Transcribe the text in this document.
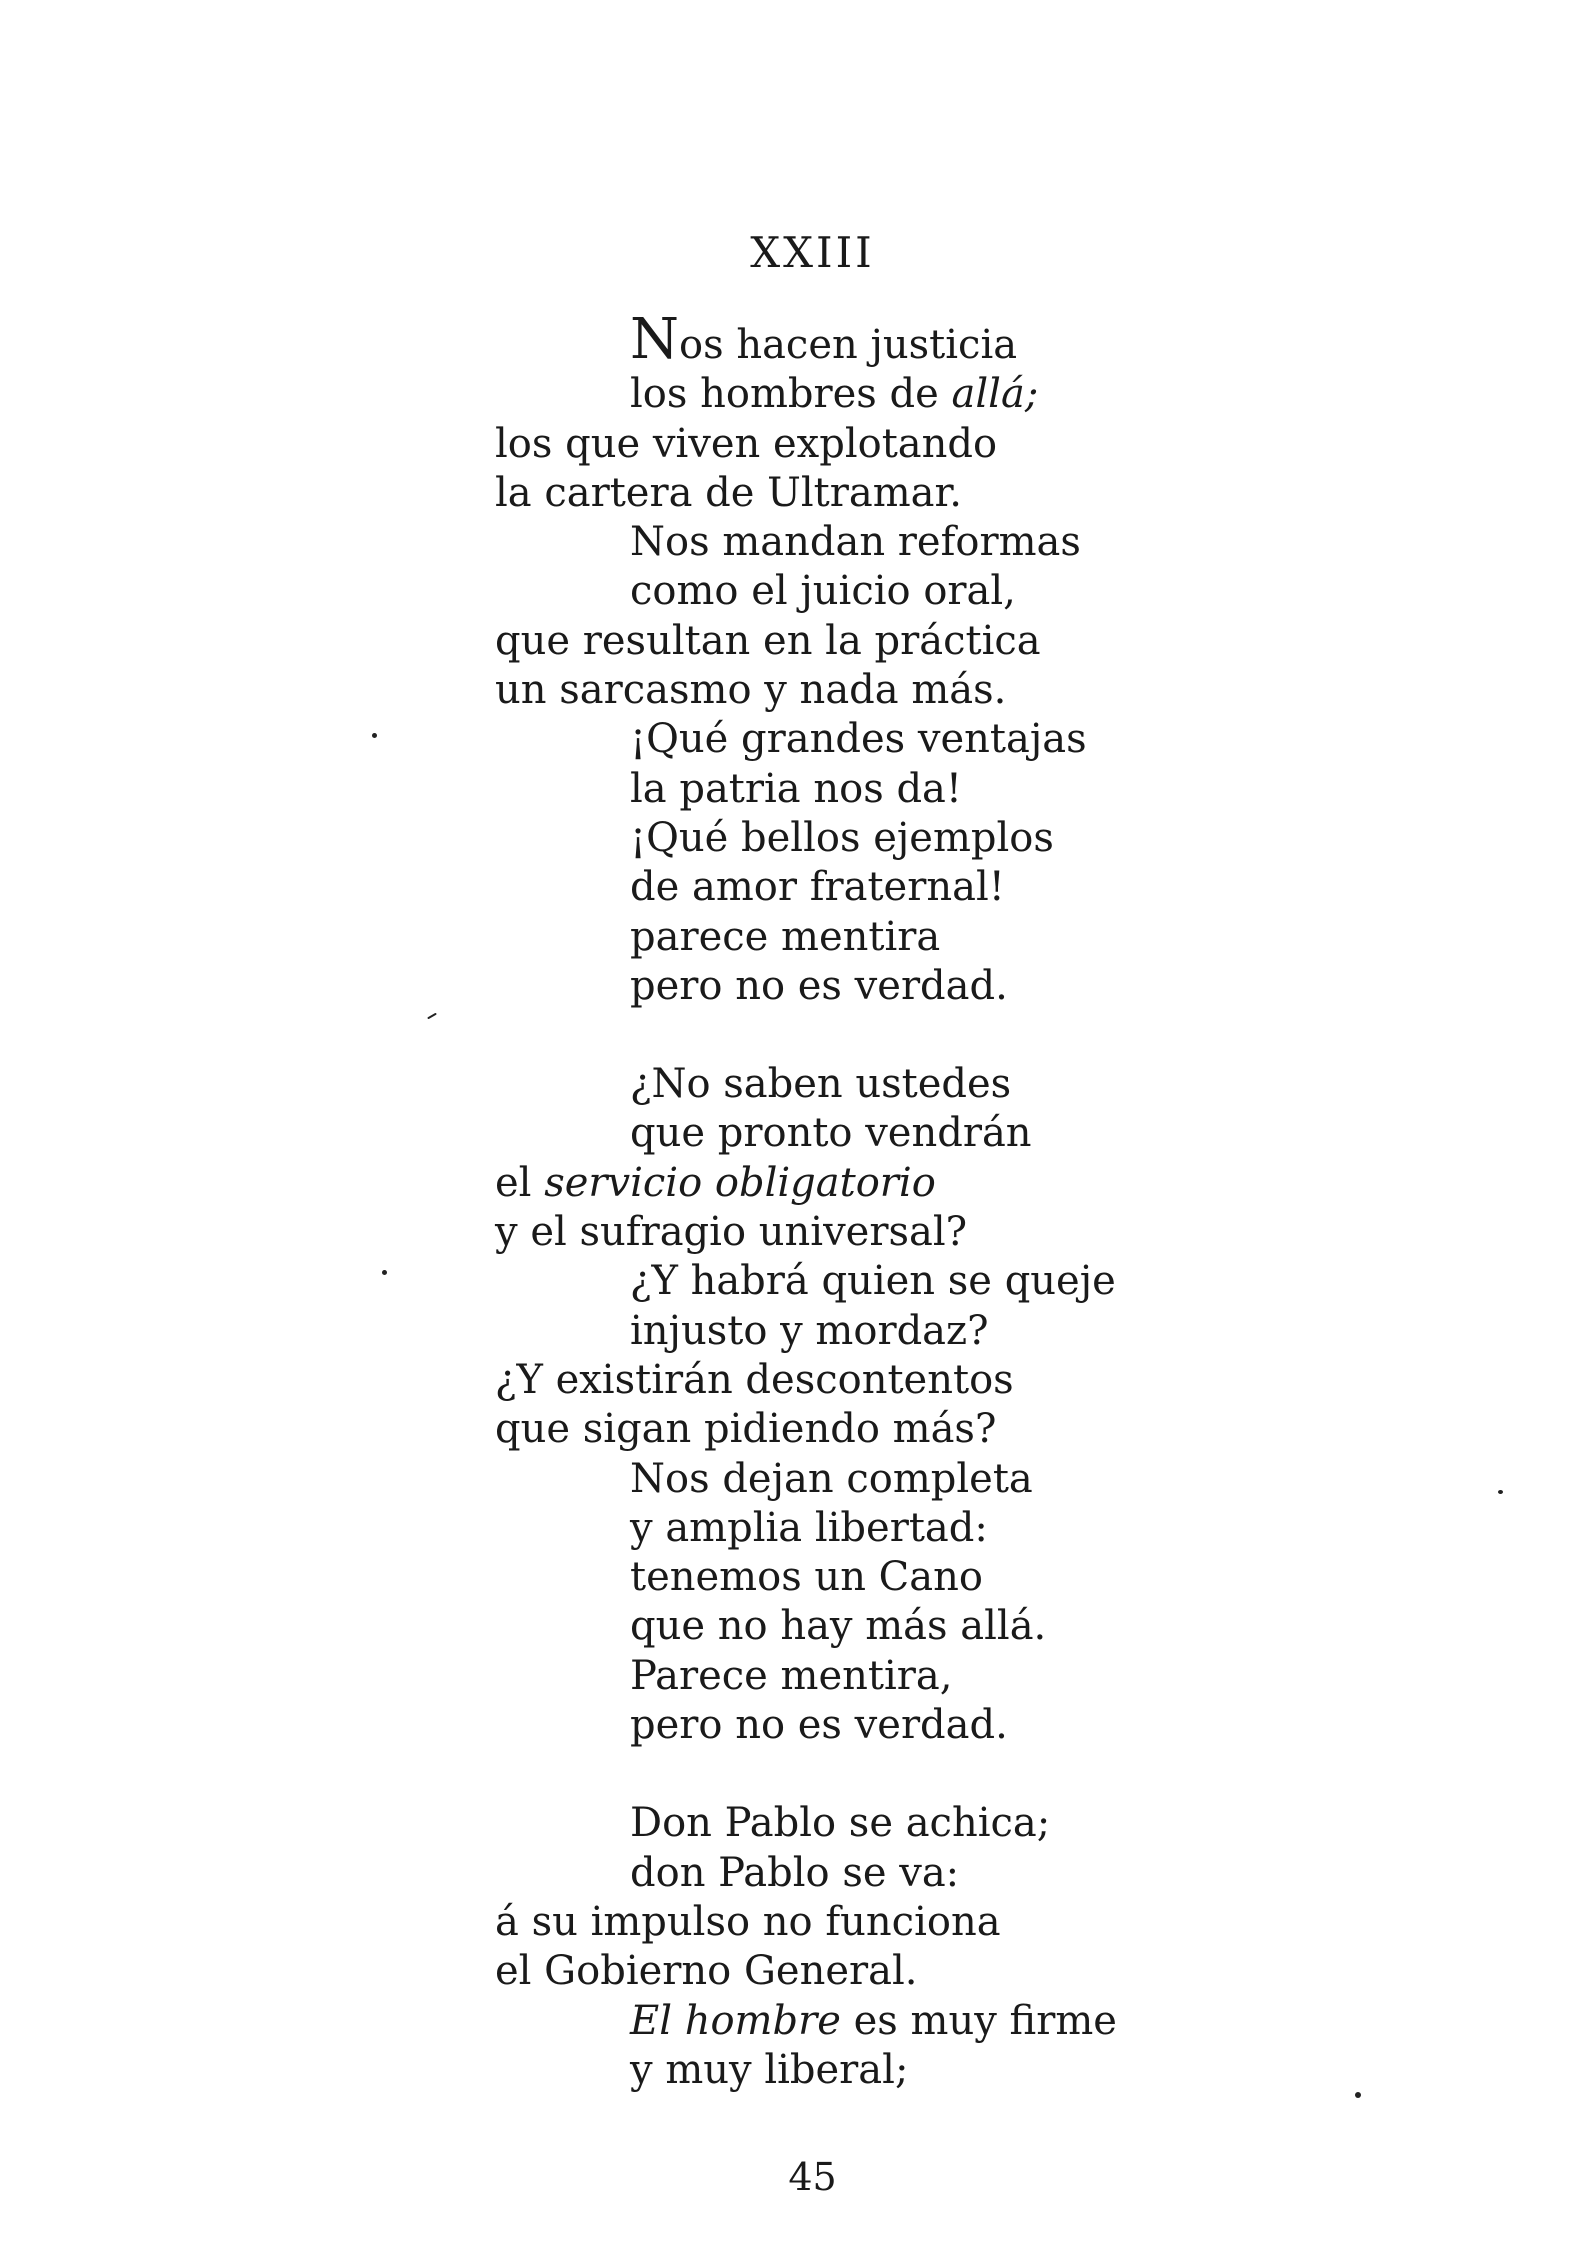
XXIII
Nos hacen justicia
los hombres de allá;
los que viven explotando
la cartera de Ultramar.
Nos mandan reformas
como el juicio oral,
que resultan en la práctica
un sarcasmo y nada más.
¡Qué grandes ventajas
la patria nos da!
¡Qué bellos ejemplos
de amor fraternal!
parece mentira
pero no es verdad.
¿No saben ustedes
que pronto vendrán
el servicio obligatorio
y el sufragio universal?
¿Y habrá quien se queje
injusto y mordaz?
¿Y existirán descontentos
que sigan pidiendo más?
Nos dejan completa
y amplia libertad:
tenemos un Cano
que no hay más allá.
Parece mentira,
pero no es verdad.
Don Pablo se achica;
don Pablo se va:
á su impulso no funciona
el Gobierno General.
El hombre es muy firme
y muy liberal;
45
